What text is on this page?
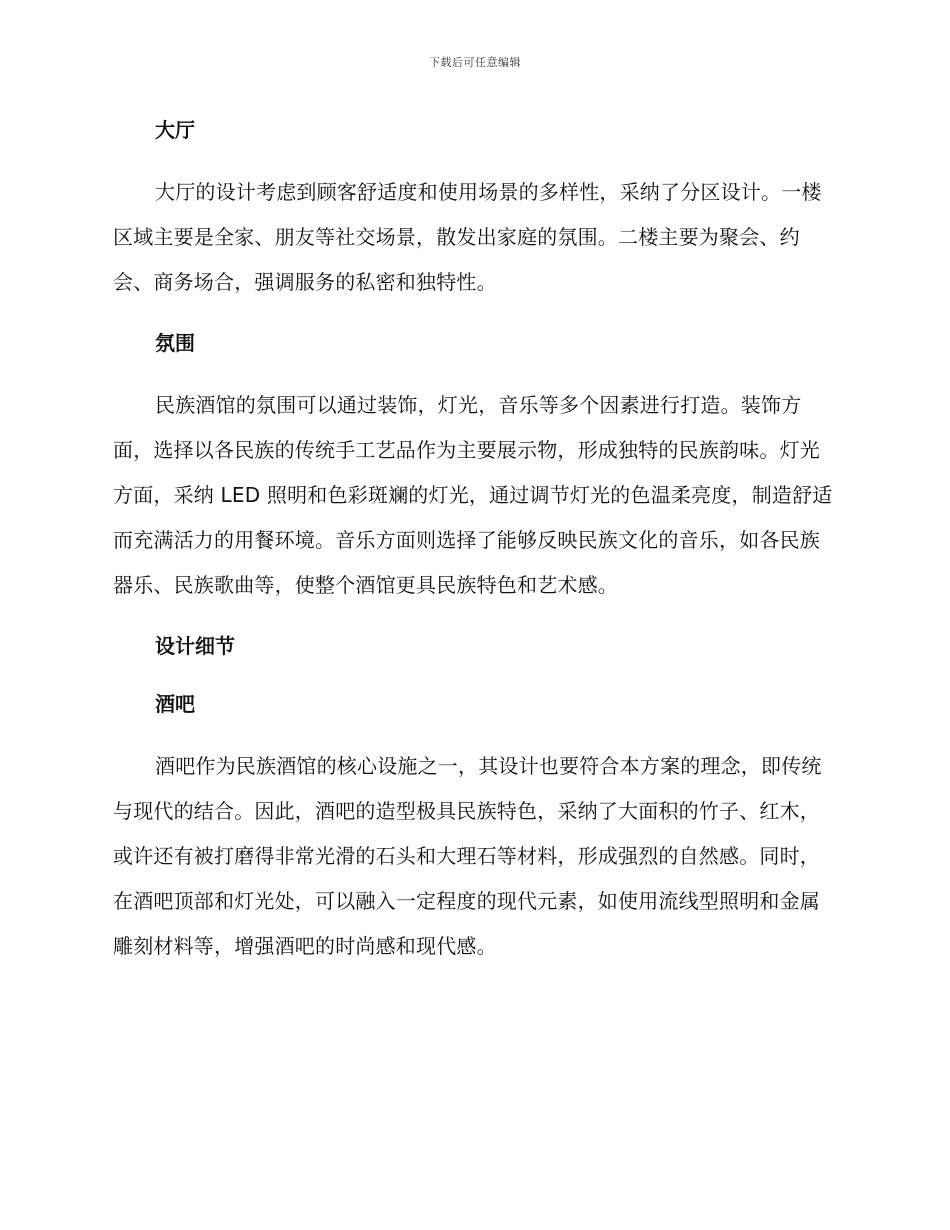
下载后可任意编辑
大厅

大厅的设计考虑到顾客舒适度和使用场景的多样性，采纳了分区设计。一楼区域主要是全家、朋友等社交场景，散发出家庭的氛围。二楼主要为聚会、约会、商务场合，强调服务的私密和独特性。

氛围

民族酒馆的氛围可以通过装饰，灯光，音乐等多个因素进行打造。装饰方面，选择以各民族的传统手工艺品作为主要展示物，形成独特的民族韵味。灯光方面，采纳 LED 照明和色彩斑斓的灯光，通过调节灯光的色温柔亮度，制造舒适而充满活力的用餐环境。音乐方面则选择了能够反映民族文化的音乐，如各民族器乐、民族歌曲等，使整个酒馆更具民族特色和艺术感。

设计细节
酒吧

酒吧作为民族酒馆的核心设施之一，其设计也要符合本方案的理念，即传统与现代的结合。因此，酒吧的造型极具民族特色，采纳了大面积的竹子、红木，或许还有被打磨得非常光滑的石头和大理石等材料，形成强烈的自然感。同时，在酒吧顶部和灯光处，可以融入一定程度的现代元素，如使用流线型照明和金属雕刻材料等，增强酒吧的时尚感和现代感。
